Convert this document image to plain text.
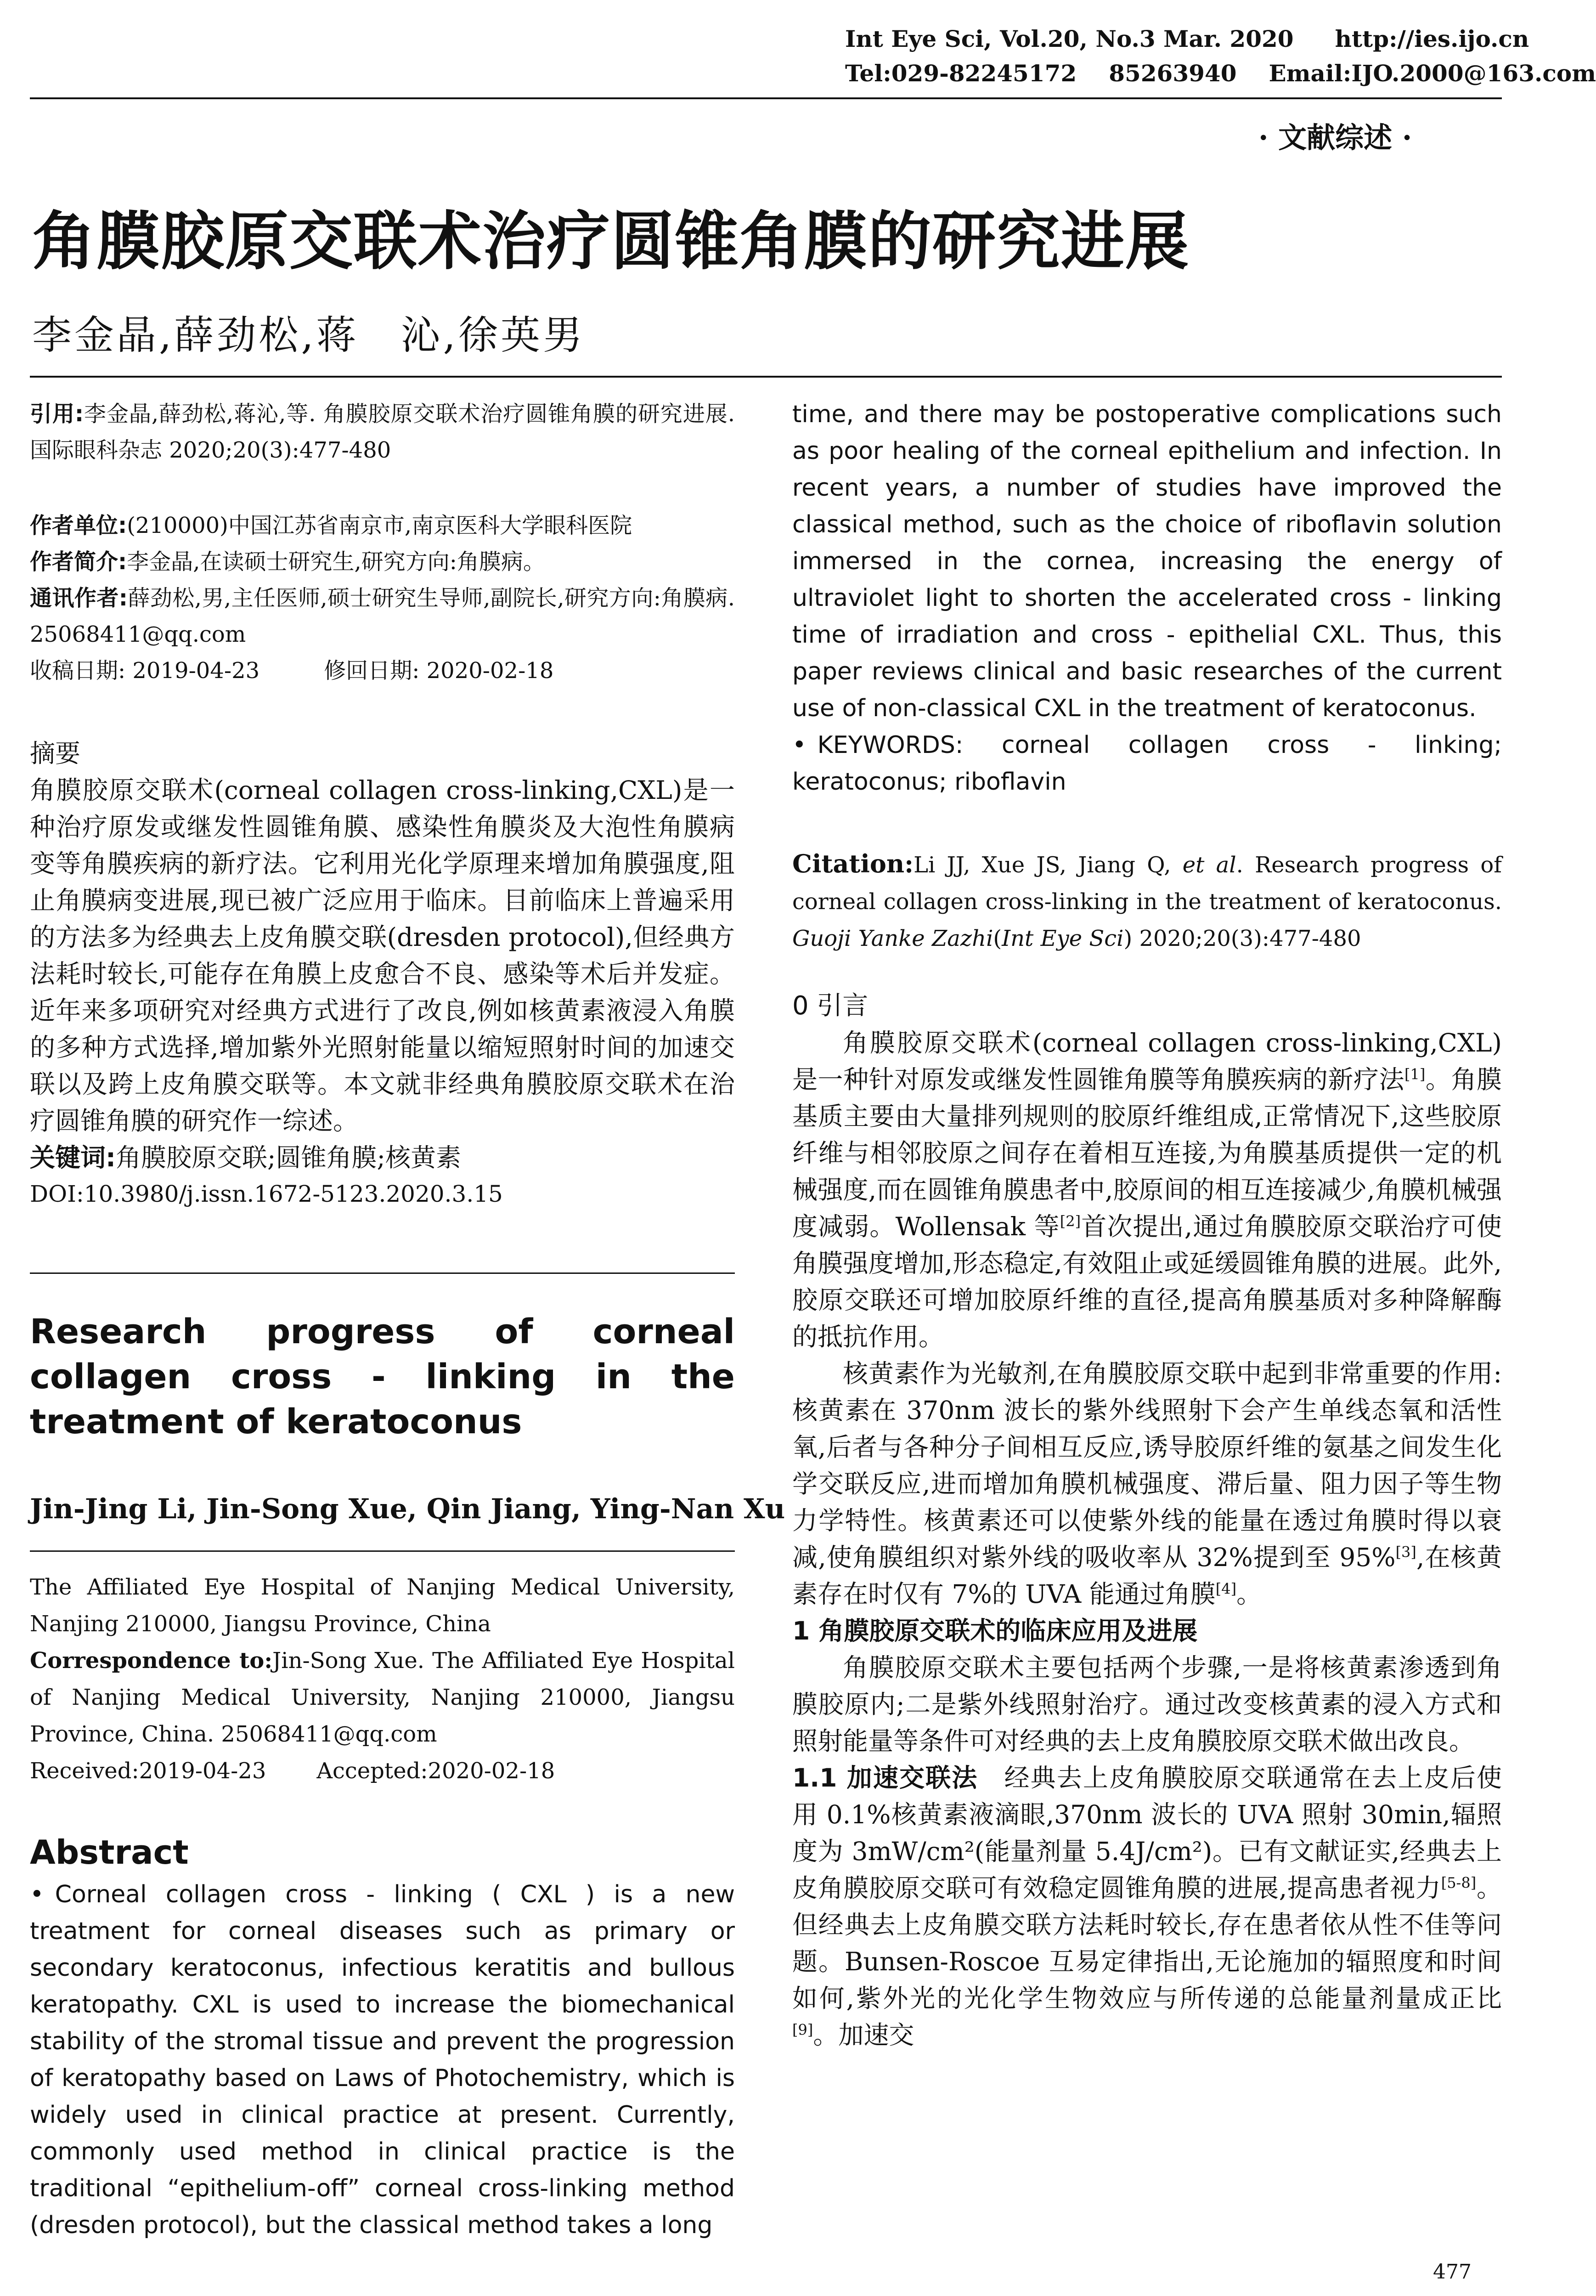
Int Eye Sci, Vol.20, No.3 Mar. 2020 http://ies.ijo.cn
Tel:029-82245172 85263940 Email:IJO.2000@163.com
· 文献综述 ·
角膜胶原交联术治疗圆锥角膜的研究进展
李金晶,薛劲松,蒋　沁,徐英男

引用:李金晶,薛劲松,蒋沁,等. 角膜胶原交联术治疗圆锥角膜的研究进展.国际眼科杂志 2020;20(3):477-480

作者单位:(210000)中国江苏省南京市,南京医科大学眼科医院

作者简介:李金晶,在读硕士研究生,研究方向:角膜病。

通讯作者:薛劲松,男,主任医师,硕士研究生导师,副院长,研究方向:角膜病. 25068411@qq.com

收稿日期: 2019-04-23	修回日期: 2020-02-18

摘要

角膜胶原交联术(corneal collagen cross-linking,CXL)是一种治疗原发或继发性圆锥角膜、感染性角膜炎及大泡性角膜病变等角膜疾病的新疗法。它利用光化学原理来增加角膜强度,阻止角膜病变进展,现已被广泛应用于临床。目前临床上普遍采用的方法多为经典去上皮角膜交联(dresden protocol),但经典方法耗时较长,可能存在角膜上皮愈合不良、感染等术后并发症。近年来多项研究对经典方式进行了改良,例如核黄素液浸入角膜的多种方式选择,增加紫外光照射能量以缩短照射时间的加速交联以及跨上皮角膜交联等。本文就非经典角膜胶原交联术在治疗圆锥角膜的研究作一综述。

关键词:角膜胶原交联;圆锥角膜;核黄素

DOI:10.3980/j.issn.1672-5123.2020.3.15

Research progress of corneal collagen cross - linking in the treatment of keratoconus
Jin-Jing Li, Jin-Song Xue, Qin Jiang, Ying-Nan Xu

The Affiliated Eye Hospital of Nanjing Medical University, Nanjing 210000, Jiangsu Province, China

Correspondence to:Jin-Song Xue. The Affiliated Eye Hospital of Nanjing Medical University, Nanjing 210000, Jiangsu Province, China. 25068411@qq.com

Received:2019-04-23 Accepted:2020-02-18

Abstract

• Corneal collagen cross - linking ( CXL ) is a new treatment for corneal diseases such as primary or secondary keratoconus, infectious keratitis and bullous keratopathy. CXL is used to increase the biomechanical stability of the stromal tissue and prevent the progression of keratopathy based on Laws of Photochemistry, which is widely used in clinical practice at present. Currently, commonly used method in clinical practice is the traditional “epithelium-off” corneal cross-linking method (dresden protocol), but the classical method takes a long

time, and there may be postoperative complications such as poor healing of the corneal epithelium and infection. In recent years, a number of studies have improved the classical method, such as the choice of riboflavin solution immersed in the cornea, increasing the energy of ultraviolet light to shorten the accelerated cross - linking time of irradiation and cross - epithelial CXL. Thus, this paper reviews clinical and basic researches of the current use of non-classical CXL in the treatment of keratoconus.

• KEYWORDS: corneal collagen cross - linking; keratoconus; riboflavin

Citation:Li JJ, Xue JS, Jiang Q, et al. Research progress of corneal collagen cross-linking in the treatment of keratoconus. Guoji Yanke Zazhi(Int Eye Sci) 2020;20(3):477-480

0 引言

角膜胶原交联术(corneal collagen cross-linking,CXL)是一种针对原发或继发性圆锥角膜等角膜疾病的新疗法[1]。角膜基质主要由大量排列规则的胶原纤维组成,正常情况下,这些胶原纤维与相邻胶原之间存在着相互连接,为角膜基质提供一定的机械强度,而在圆锥角膜患者中,胶原间的相互连接减少,角膜机械强度减弱。Wollensak 等[2]首次提出,通过角膜胶原交联治疗可使角膜强度增加,形态稳定,有效阻止或延缓圆锥角膜的进展。此外,胶原交联还可增加胶原纤维的直径,提高角膜基质对多种降解酶的抵抗作用。

核黄素作为光敏剂,在角膜胶原交联中起到非常重要的作用:核黄素在 370nm 波长的紫外线照射下会产生单线态氧和活性氧,后者与各种分子间相互反应,诱导胶原纤维的氨基之间发生化学交联反应,进而增加角膜机械强度、滞后量、阻力因子等生物力学特性。核黄素还可以使紫外线的能量在透过角膜时得以衰减,使角膜组织对紫外线的吸收率从 32%提到至 95%[3],在核黄素存在时仅有 7%的 UVA 能通过角膜[4]。

1 角膜胶原交联术的临床应用及进展

角膜胶原交联术主要包括两个步骤,一是将核黄素渗透到角膜胶原内;二是紫外线照射治疗。通过改变核黄素的浸入方式和照射能量等条件可对经典的去上皮角膜胶原交联术做出改良。

1.1 加速交联法　经典去上皮角膜胶原交联通常在去上皮后使用 0.1%核黄素液滴眼,370nm 波长的 UVA 照射 30min,辐照度为 3mW/cm²(能量剂量 5.4J/cm²)。已有文献证实,经典去上皮角膜胶原交联可有效稳定圆锥角膜的进展,提高患者视力[5-8]。但经典去上皮角膜交联方法耗时较长,存在患者依从性不佳等问题。Bunsen-Roscoe 互易定律指出,无论施加的辐照度和时间如何,紫外光的光化学生物效应与所传递的总能量剂量成正比[9]。加速交

477
